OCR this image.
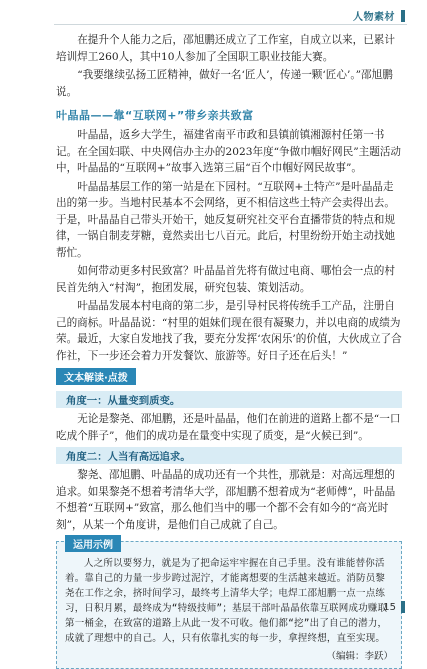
人物素材

在提升个人能力之后，邵旭鹏还成立了工作室，自成立以来，已累计培训焊工260人，其中10人参加了全国职工职业技能大赛。

“我要继续弘扬工匠精神，做好一名‘匠人’，传递一颗‘匠心’。”邵旭鹏说。

叶晶晶——靠“互联网+”带乡亲共致富

叶晶晶，返乡大学生，福建省南平市政和县镇前镇湘源村任第一书记。在全国妇联、中央网信办主办的2023年度“争做巾帼好网民”主题活动中，叶晶晶的“互联网+”故事入选第三届“百个巾帼好网民故事”。

叶晶晶基层工作的第一站是在下园村。“互联网+土特产”是叶晶晶走出的第一步。当地村民基本不会网络，更不相信这些土特产会卖得出去。于是，叶晶晶自己带头开始干，她反复研究社交平台直播带货的特点和规律，一锅自制麦芽糖，竟然卖出七八百元。此后，村里纷纷开始主动找她帮忙。

如何带动更多村民致富？叶晶晶首先将有做过电商、哪怕会一点的村民首先纳入“村淘”，抱团发展，研究包装、策划活动。

叶晶晶发展本村电商的第二步，是引导村民将传统手工产品，注册自己的商标。叶晶晶说：“村里的姐妹们现在很有凝聚力，并以电商的成绩为荣。最近，大家自发地找了我，要充分发挥‘农闲乐’的价值，大伙成立了合作社，下一步还会着力开发餐饮、旅游等。好日子还在后头！”

文本解读·点拨
角度一：从量变到质变。

无论是黎尧、邵旭鹏，还是叶晶晶，他们在前进的道路上都不是“一口吃成个胖子”，他们的成功是在量变中实现了质变，是“火候已到”。

角度二：人当有高远追求。

黎尧、邵旭鹏、叶晶晶的成功还有一个共性，那就是：对高远理想的追求。如果黎尧不想着考清华大学，邵旭鹏不想着成为“老师傅”，叶晶晶不想着“互联网+”致富，那么他们当中的哪一个都不会有如今的“高光时刻”，从某一个角度讲，是他们自己成就了自己。

运用示例

人之所以要努力，就是为了把命运牢牢握在自己手里。没有谁能替你活着。靠自己的力量一步步跨过泥泞，才能离想要的生活越来越近。消防员黎尧在工作之余，挤时间学习，最终考上清华大学；电焊工邵旭鹏一点一点练习，日积月累，最终成为“特级技师”；基层干部叶晶晶依靠互联网成功赚取第一桶金，在致富的道路上从此一发不可收。他们都“挖”出了自己的潜力，成就了理想中的自己。人，只有依靠扎实的每一步，拿捏终想，直至实现。

（编辑：李跃）
15
